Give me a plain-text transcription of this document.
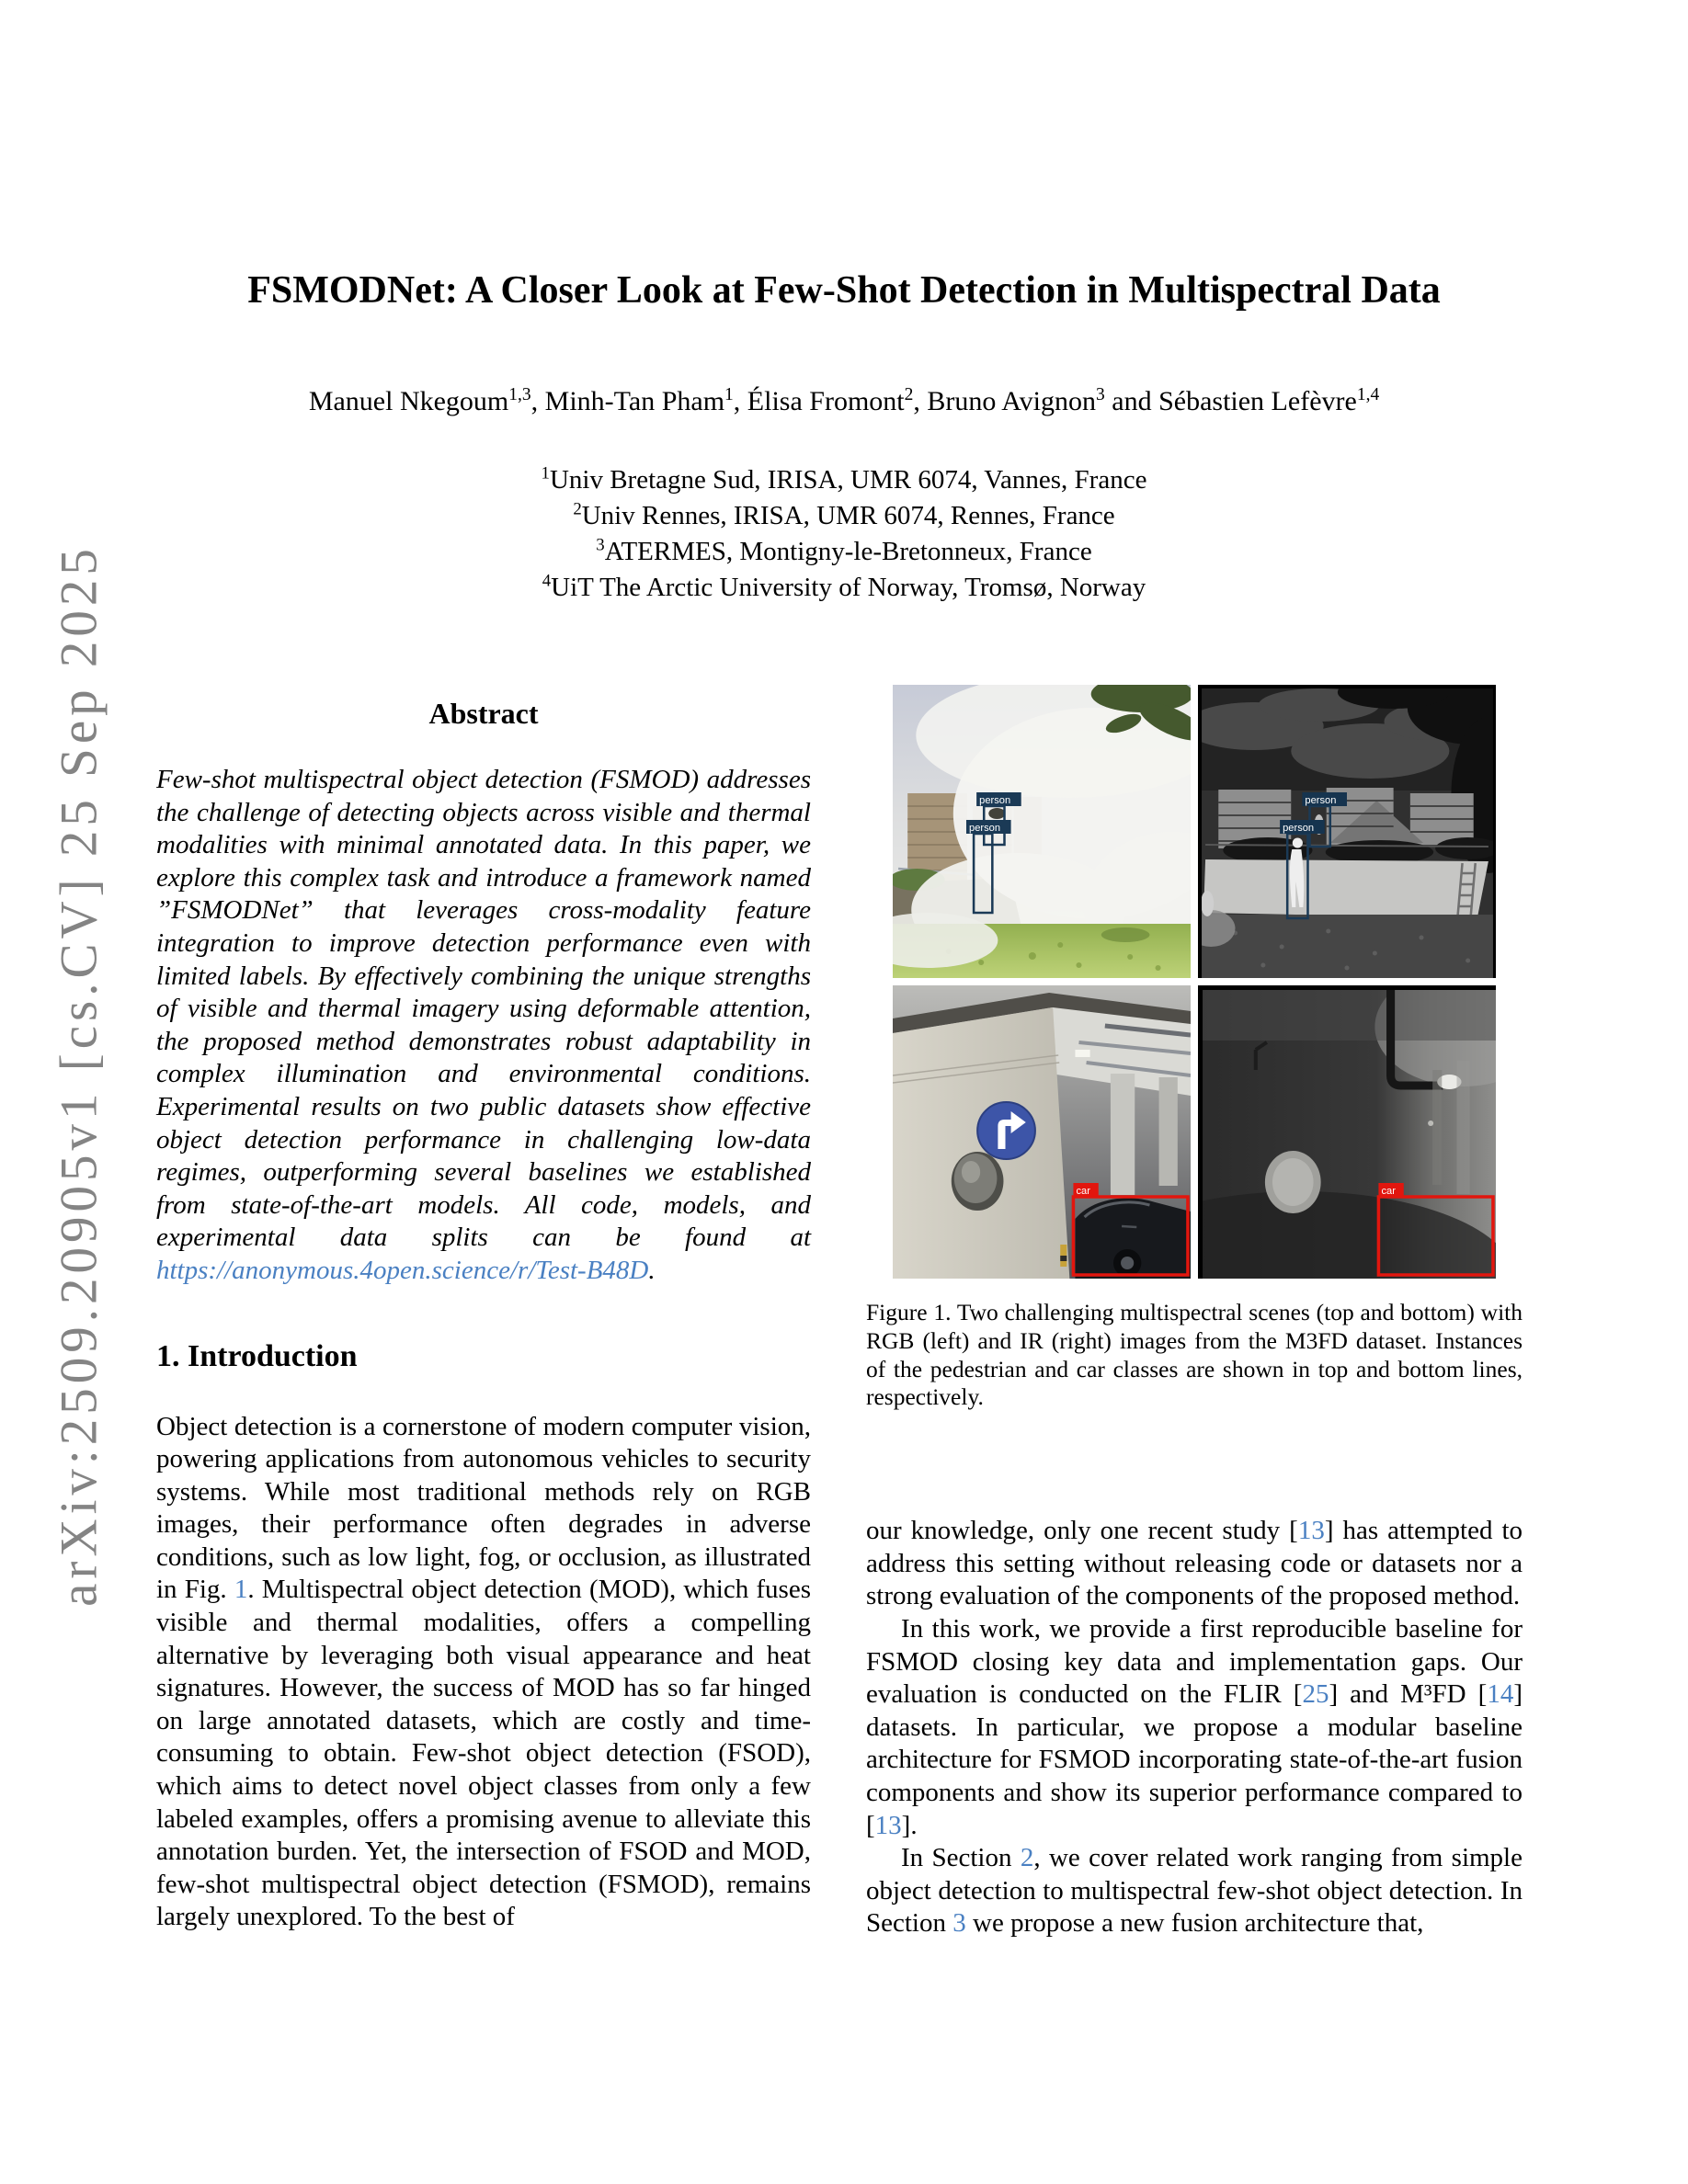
arXiv:2509.20905v1 [cs.CV] 25 Sep 2025
FSMODNet: A Closer Look at Few-Shot Detection in Multispectral Data
Manuel Nkegoum$^{1,3}$, Minh-Tan Pham$^1$, Élisa Fromont$^2$, Bruno Avignon$^3$ and Sébastien Lefèvre$^{1,4}$
$^1$Univ Bretagne Sud, IRISA, UMR 6074, Vannes, France
$^2$Univ Rennes, IRISA, UMR 6074, Rennes, France
$^3$ATERMES, Montigny-le-Bretonneux, France
$^4$UiT The Arctic University of Norway, Tromsø, Norway
Abstract

Few-shot multispectral object detection (FSMOD) addresses the challenge of detecting objects across visible and thermal modalities with minimal annotated data. In this paper, we explore this complex task and introduce a framework named ”FSMODNet” that leverages cross-modality feature integration to improve detection performance even with limited labels. By effectively combining the unique strengths of visible and thermal imagery using deformable attention, the proposed method demonstrates robust adaptability in complex illumination and environmental conditions. Experimental results on two public datasets show effective object detection performance in challenging low-data regimes, outperforming several baselines we established from state-of-the-art models. All code, models, and experimental data splits can be found at https://anonymous.4open.science/r/Test-B48D.

1. Introduction

Object detection is a cornerstone of modern computer vision, powering applications from autonomous vehicles to security systems. While most traditional methods rely on RGB images, their performance often degrades in adverse conditions, such as low light, fog, or occlusion, as illustrated in Fig. 1. Multispectral object detection (MOD), which fuses visible and thermal modalities, offers a compelling alternative by leveraging both visual appearance and heat signatures. However, the success of MOD has so far hinged on large annotated datasets, which are costly and time-consuming to obtain. Few-shot object detection (FSOD), which aims to detect novel object classes from only a few labeled examples, offers a promising avenue to alleviate this annotation burden. Yet, the intersection of FSOD and MOD, few-shot multispectral object detection (FSMOD), remains largely unexplored. To the best of

person
person
person
person
car	car

Figure 1. Two challenging multispectral scenes (top and bottom) with RGB (left) and IR (right) images from the M3FD dataset. Instances of the pedestrian and car classes are shown in top and bottom lines, respectively.

our knowledge, only one recent study [13] has attempted to address this setting without releasing code or datasets nor a strong evaluation of the components of the proposed method.

In this work, we provide a first reproducible baseline for FSMOD closing key data and implementation gaps. Our evaluation is conducted on the FLIR [25] and M³FD [14] datasets. In particular, we propose a modular baseline architecture for FSMOD incorporating state-of-the-art fusion components and show its superior performance compared to [13].

In Section 2, we cover related work ranging from simple object detection to multispectral few-shot object detection. In Section 3 we propose a new fusion architecture that,
